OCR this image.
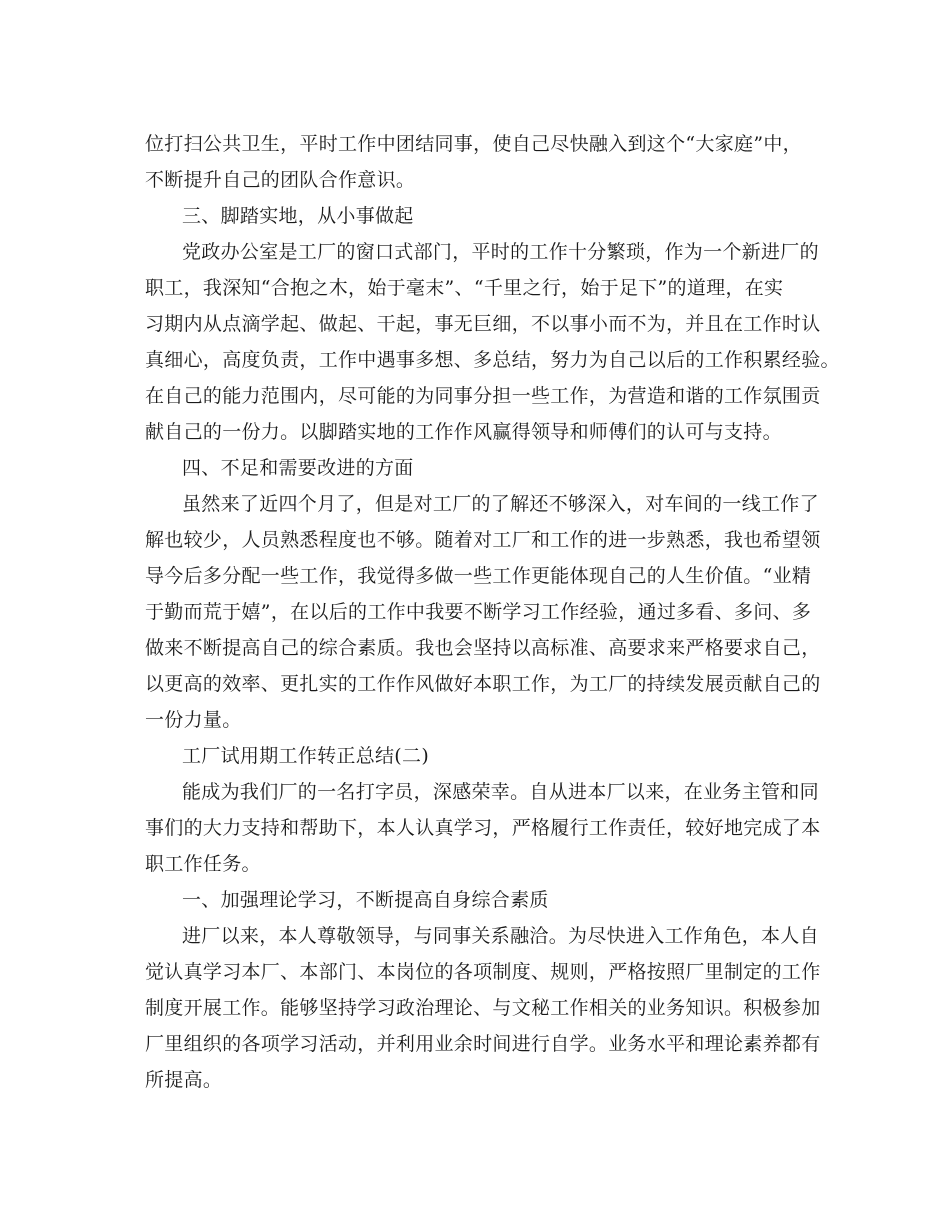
位打扫公共卫生，平时工作中团结同事，使自己尽快融入到这个“大家庭”中，
不断提升自己的团队合作意识。
三、脚踏实地，从小事做起
党政办公室是工厂的窗口式部门，平时的工作十分繁琐，作为一个新进厂的
职工，我深知“合抱之木，始于毫末”、“千里之行，始于足下”的道理，在实
习期内从点滴学起、做起、干起，事无巨细，不以事小而不为，并且在工作时认
真细心，高度负责，工作中遇事多想、多总结，努力为自己以后的工作积累经验。
在自己的能力范围内，尽可能的为同事分担一些工作，为营造和谐的工作氛围贡
献自己的一份力。以脚踏实地的工作作风赢得领导和师傅们的认可与支持。
四、不足和需要改进的方面
虽然来了近四个月了，但是对工厂的了解还不够深入，对车间的一线工作了
解也较少，人员熟悉程度也不够。随着对工厂和工作的进一步熟悉，我也希望领
导今后多分配一些工作，我觉得多做一些工作更能体现自己的人生价值。“业精
于勤而荒于嬉”，在以后的工作中我要不断学习工作经验，通过多看、多问、多
做来不断提高自己的综合素质。我也会坚持以高标准、高要求来严格要求自己，
以更高的效率、更扎实的工作作风做好本职工作，为工厂的持续发展贡献自己的
一份力量。
工厂试用期工作转正总结(二)
能成为我们厂的一名打字员，深感荣幸。自从进本厂以来，在业务主管和同
事们的大力支持和帮助下，本人认真学习，严格履行工作责任，较好地完成了本
职工作任务。
一、加强理论学习，不断提高自身综合素质
进厂以来，本人尊敬领导，与同事关系融洽。为尽快进入工作角色，本人自
觉认真学习本厂、本部门、本岗位的各项制度、规则，严格按照厂里制定的工作
制度开展工作。能够坚持学习政治理论、与文秘工作相关的业务知识。积极参加
厂里组织的各项学习活动，并利用业余时间进行自学。业务水平和理论素养都有
所提高。
